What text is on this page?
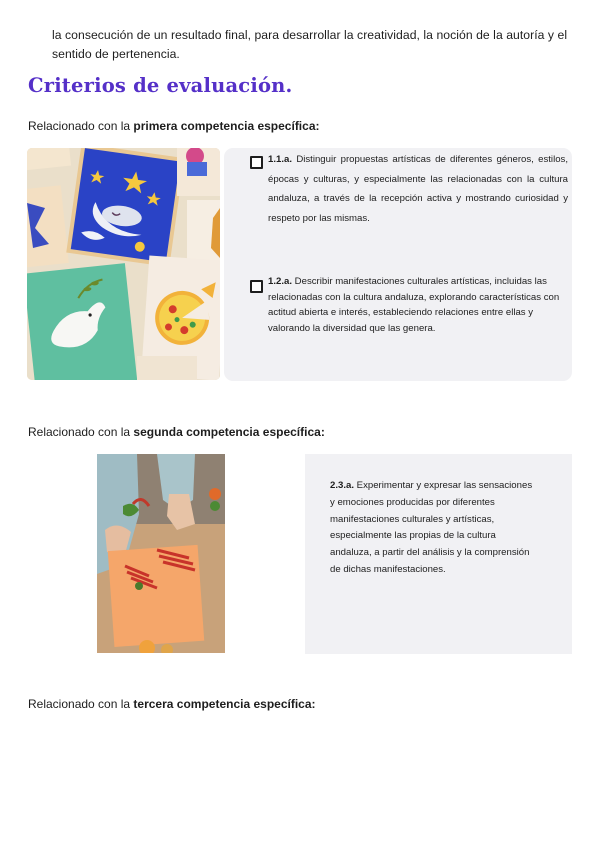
la consecución de un resultado final, para desarrollar la creatividad, la noción de la autoría y el sentido de pertenencia.

Criterios de evaluación.

Relacionado con la primera competencia específica:

1.1.a. Distinguir propuestas artísticas de diferentes géneros, estilos, épocas y culturas, y especialmente las relacionadas con la cultura andaluza, a través de la recepción activa y mostrando curiosidad y respeto por las mismas.
1.2.a. Describir manifestaciones culturales artísticas, incluidas las relacionadas con la cultura andaluza, explorando características con actitud abierta e interés, estableciendo relaciones entre ellas y valorando la diversidad que las genera.

Relacionado con la segunda competencia específica:

2.3.a. Experimentar y expresar las sensaciones y emociones producidas por diferentes manifestaciones culturales y artísticas, especialmente las propias de la cultura andaluza, a partir del análisis y la comprensión de dichas manifestaciones.

Relacionado con la tercera competencia específica:
